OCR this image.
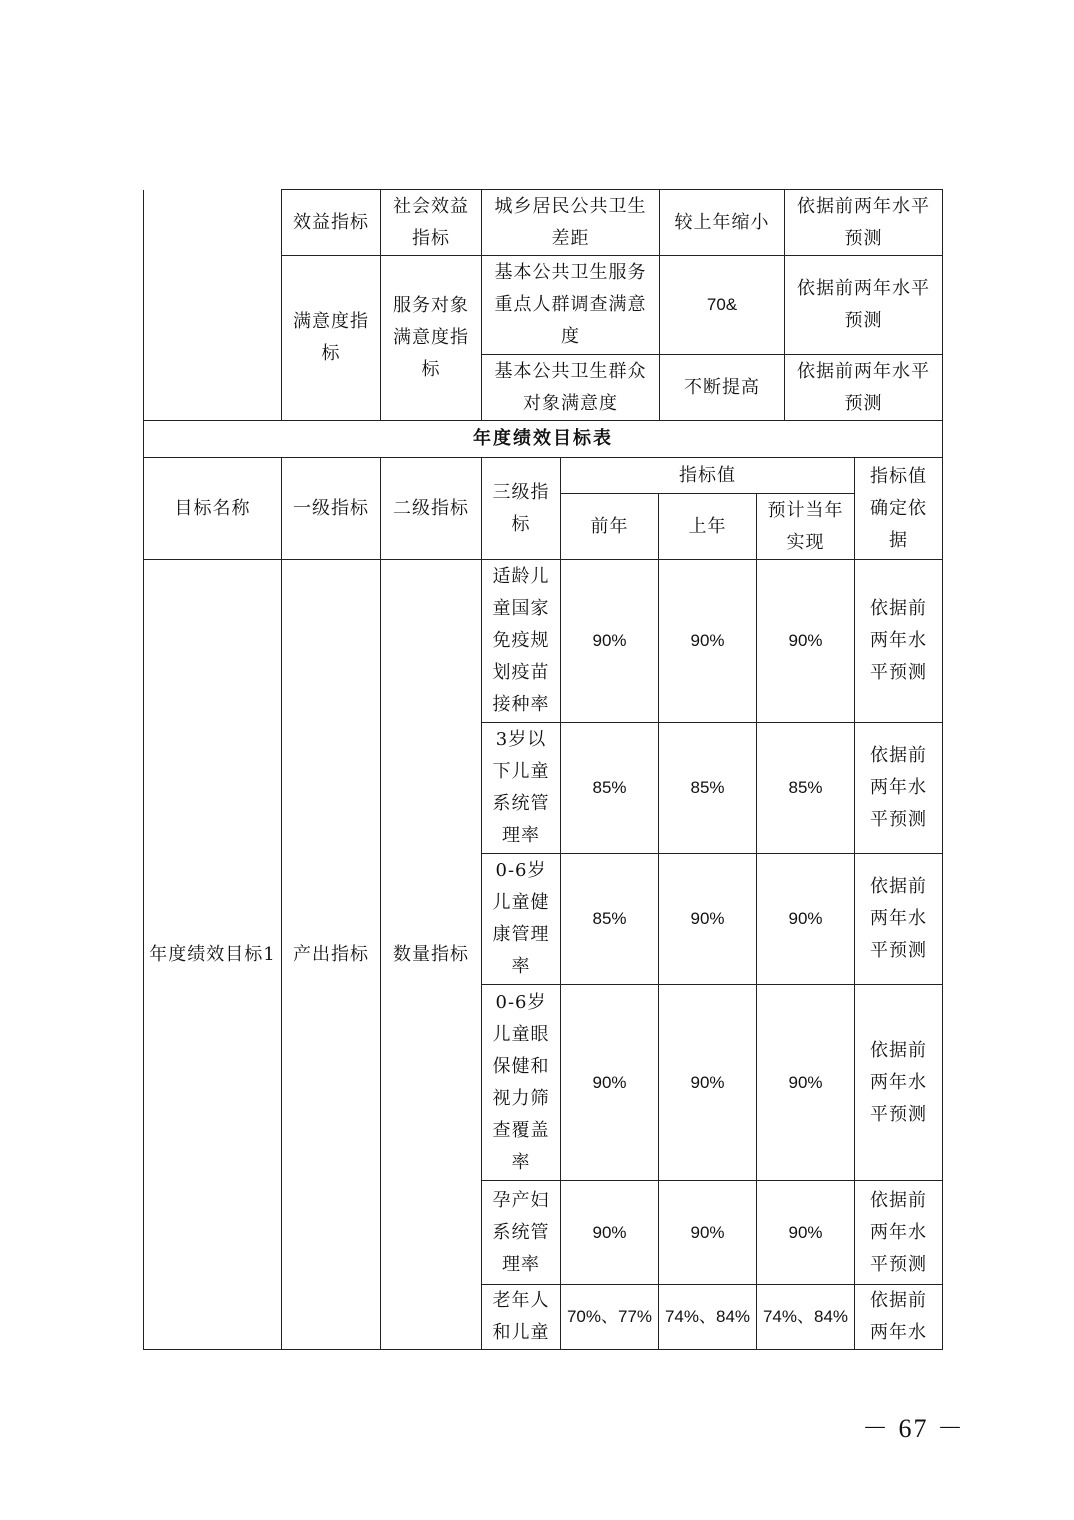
	效益指标	社会效益指标	城乡居民公共卫生差距	较上年缩小	依据前两年水平预测
	满意度指标	服务对象满意度指标	基本公共卫生服务重点人群调查满意度	70&	依据前两年水平预测
			基本公共卫生群众对象满意度	不断提高	依据前两年水平预测
年度绩效目标表							
目标名称	一级指标	二级指标	三级指标	指标值			指标值确定依据
				前年	上年	预计当年实现	
年度绩效目标1	产出指标	数量指标	适龄儿童国家免疫规划疫苗接种率	90%	90%	90%	依据前两年水平预测
			3岁以下儿童系统管理率	85%	85%	85%	依据前两年水平预测
			0-6岁儿童健康管理率	85%	90%	90%	依据前两年水平预测
			0-6岁儿童眼保健和视力筛查覆盖率	90%	90%	90%	依据前两年水平预测
			孕产妇系统管理率	90%	90%	90%	依据前两年水平预测
			老年人和儿童	70%、77%	74%、84%	74%、84%	依据前两年水
－ 67 －
